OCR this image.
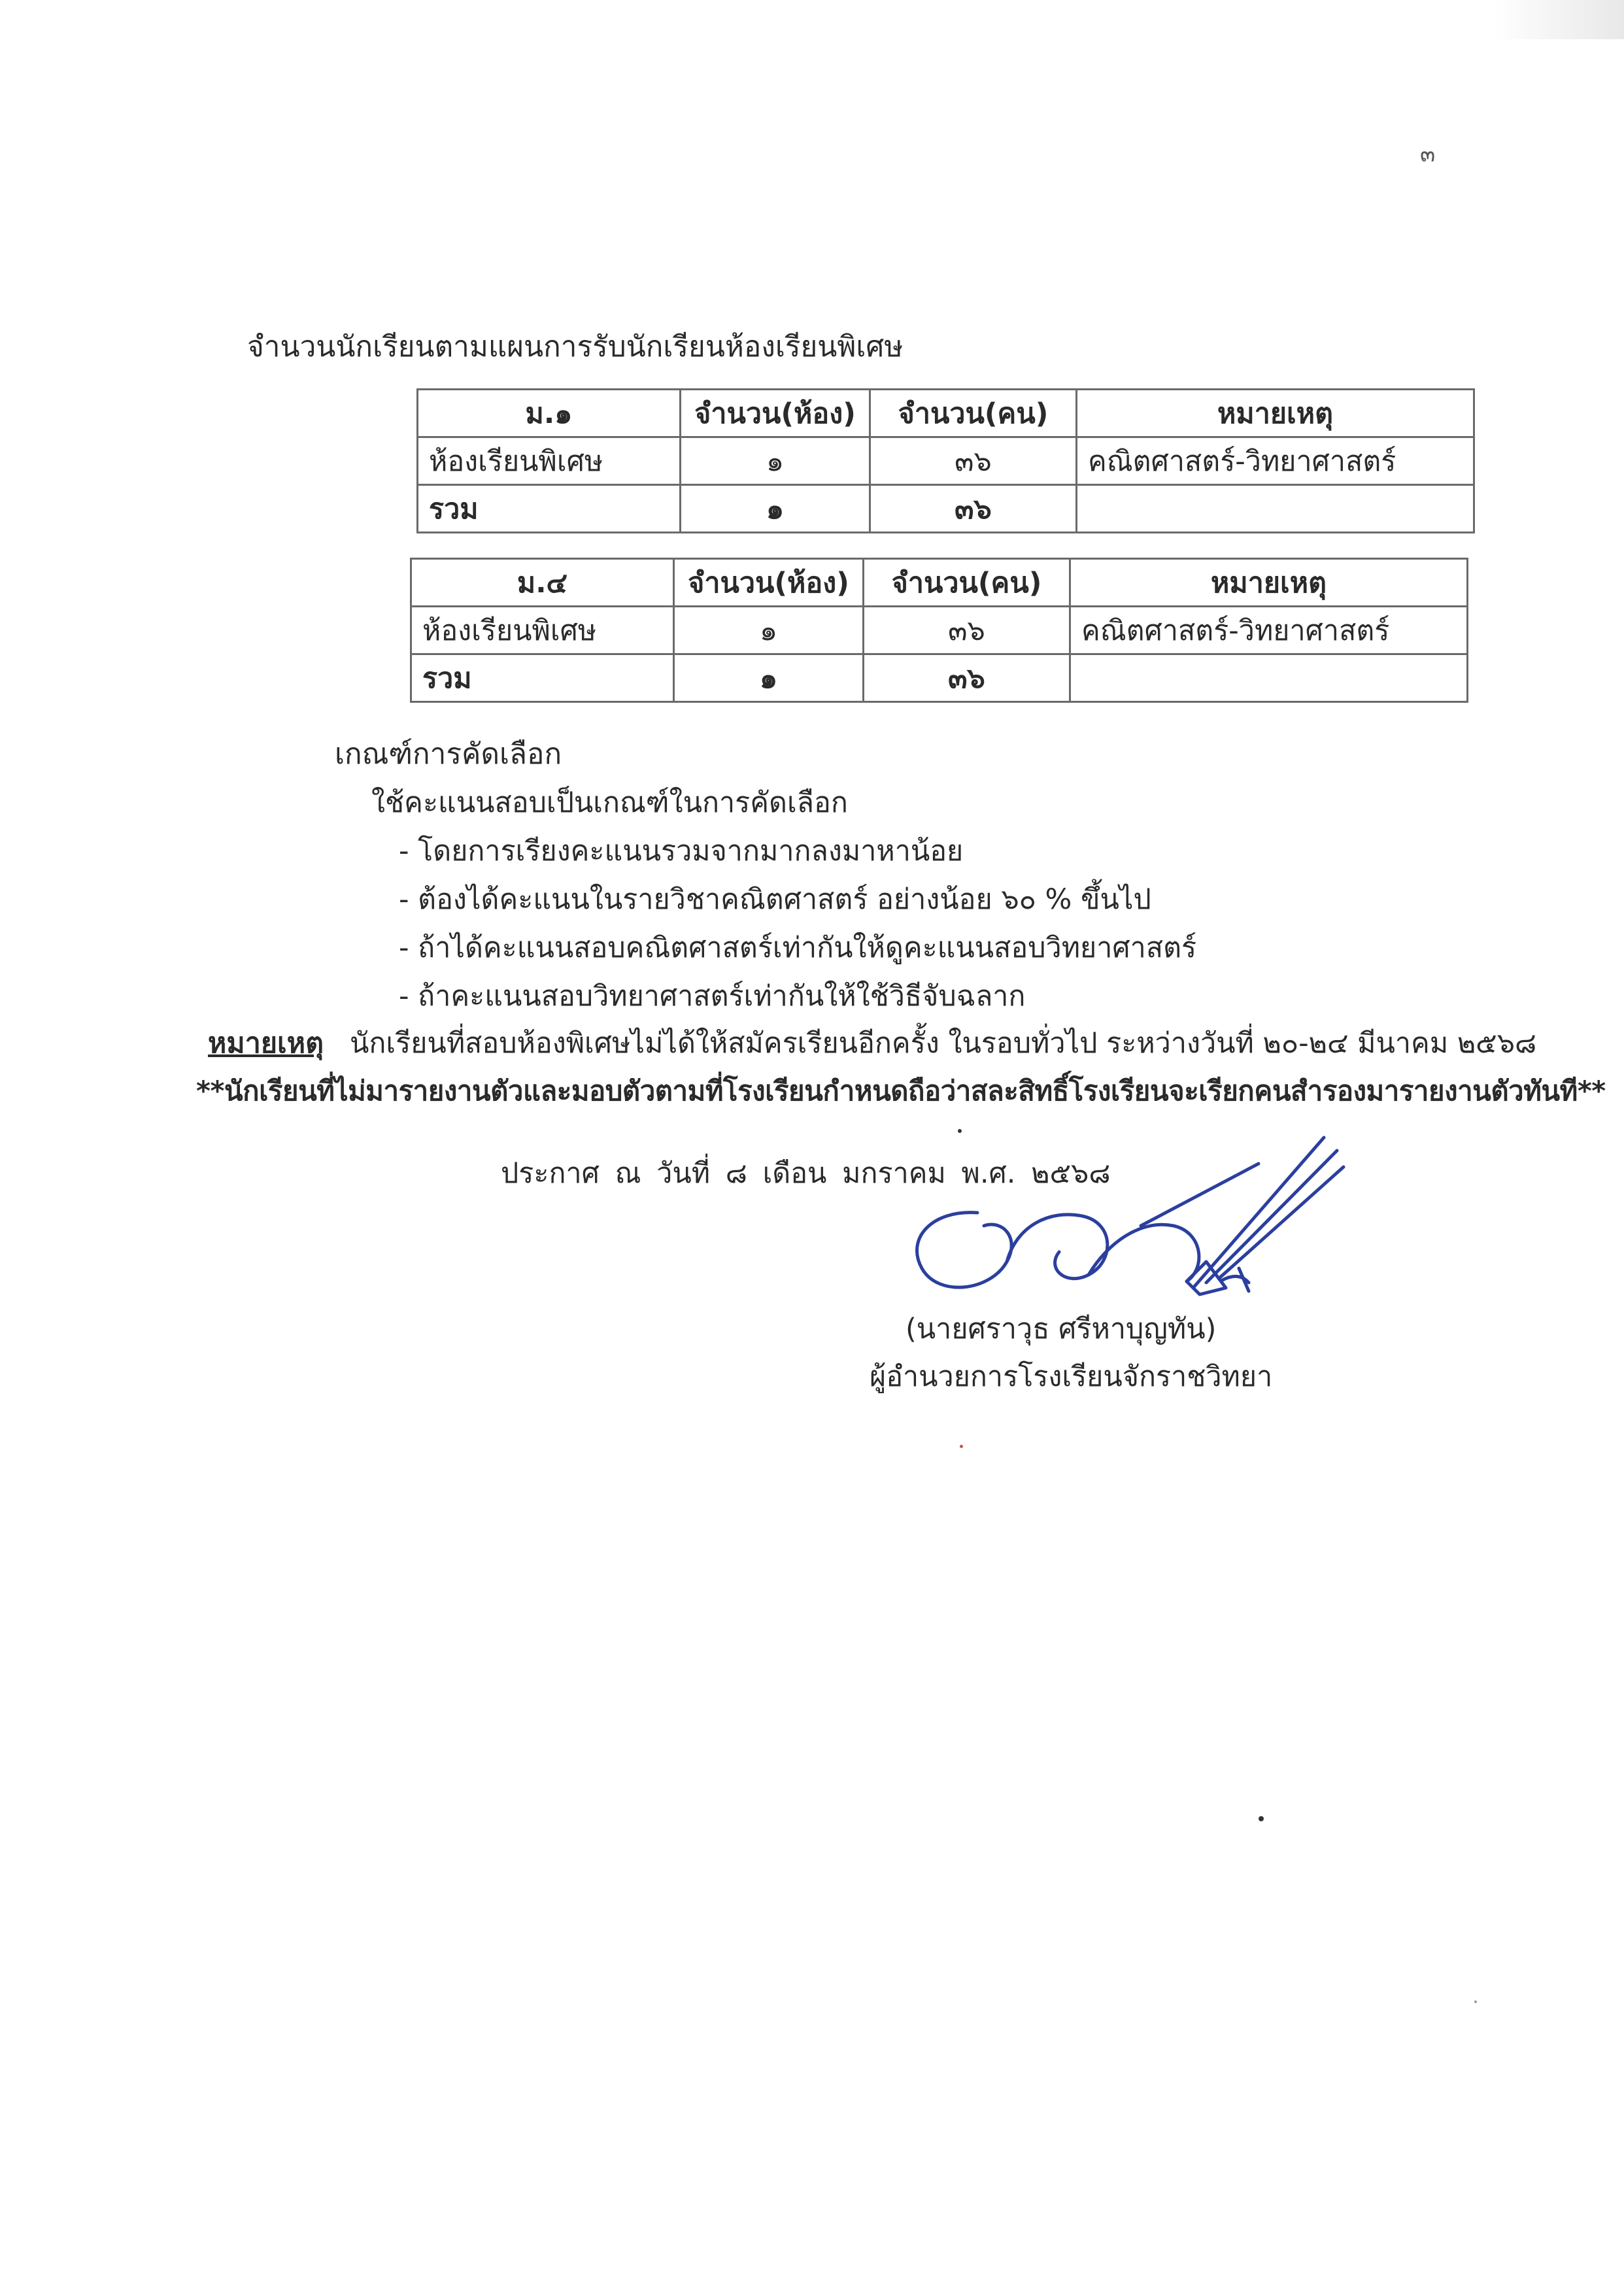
๓
จำนวนนักเรียนตามแผนการรับนักเรียนห้องเรียนพิเศษ
ม.๑	จำนวน(ห้อง)	จำนวน(คน)	หมายเหตุ
ห้องเรียนพิเศษ	๑	๓๖	คณิตศาสตร์-วิทยาศาสตร์
รวม	๑	๓๖	
ม.๔	จำนวน(ห้อง)	จำนวน(คน)	หมายเหตุ
ห้องเรียนพิเศษ	๑	๓๖	คณิตศาสตร์-วิทยาศาสตร์
รวม	๑	๓๖	
เกณฑ์การคัดเลือก
ใช้คะแนนสอบเป็นเกณฑ์ในการคัดเลือก
- โดยการเรียงคะแนนรวมจากมากลงมาหาน้อย
- ต้องได้คะแนนในรายวิชาคณิตศาสตร์ อย่างน้อย ๖๐ % ขึ้นไป
- ถ้าได้คะแนนสอบคณิตศาสตร์เท่ากันให้ดูคะแนนสอบวิทยาศาสตร์
- ถ้าคะแนนสอบวิทยาศาสตร์เท่ากันให้ใช้วิธีจับฉลาก
หมายเหตุ นักเรียนที่สอบห้องพิเศษไม่ได้ให้สมัครเรียนอีกครั้ง ในรอบทั่วไป ระหว่างวันที่ ๒๐-๒๔ มีนาคม ๒๕๖๘
**นักเรียนที่ไม่มารายงานตัวและมอบตัวตามที่โรงเรียนกำหนดถือว่าสละสิทธิ์โรงเรียนจะเรียกคนสำรองมารายงานตัวทันที**
ประกาศ ณ วันที่ ๘ เดือน มกราคม พ.ศ. ๒๕๖๘
(นายศราวุธ ศรีหาบุญทัน)
ผู้อำนวยการโรงเรียนจักราชวิทยา
